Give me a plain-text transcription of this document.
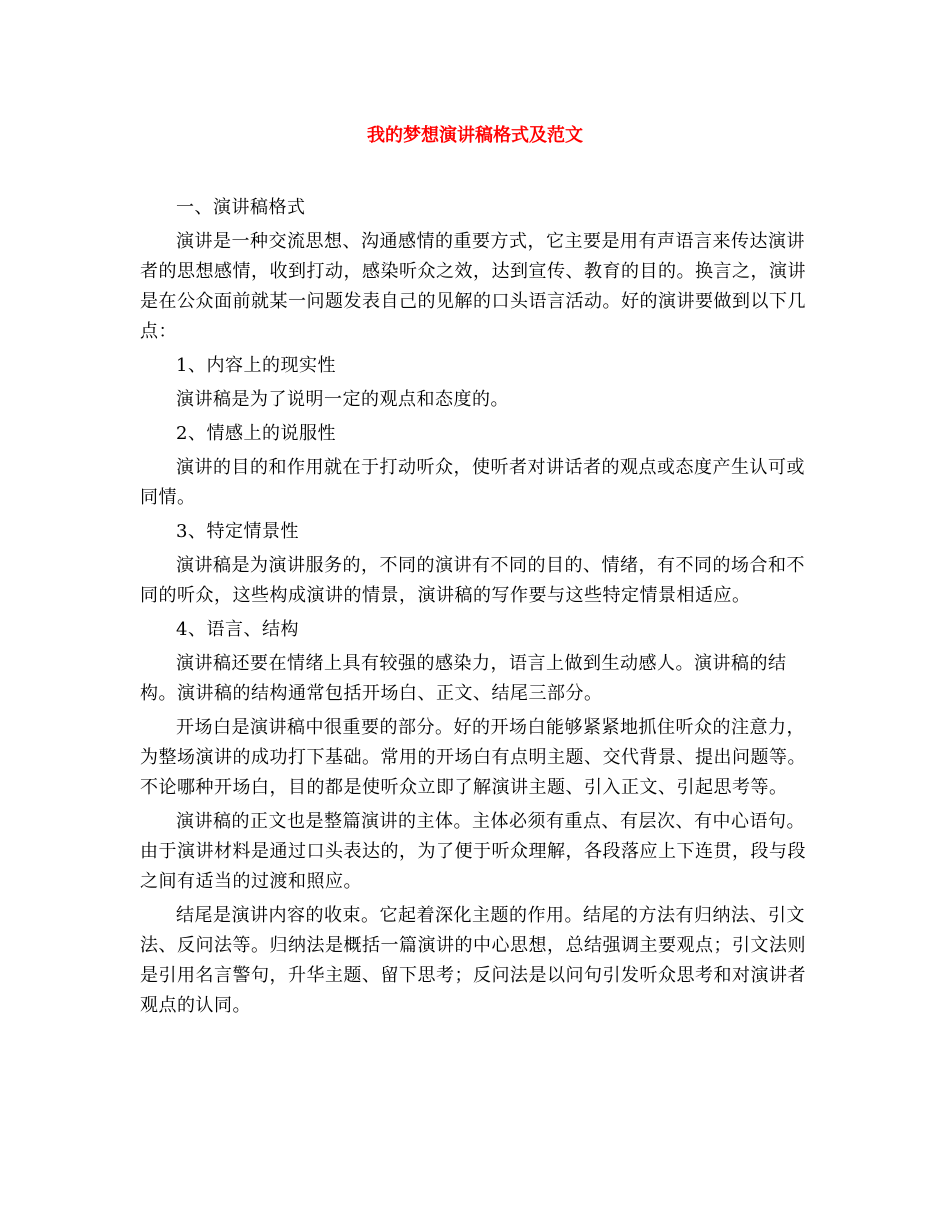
我的梦想演讲稿格式及范文

一、演讲稿格式

演讲是一种交流思想、沟通感情的重要方式，它主要是用有声语言来传达演讲者的思想感情，收到打动，感染听众之效，达到宣传、教育的目的。换言之，演讲是在公众面前就某一问题发表自己的见解的口头语言活动。好的演讲要做到以下几点：

1、内容上的现实性

演讲稿是为了说明一定的观点和态度的。

2、情感上的说服性

演讲的目的和作用就在于打动听众，使听者对讲话者的观点或态度产生认可或同情。

3、特定情景性

演讲稿是为演讲服务的，不同的演讲有不同的目的、情绪，有不同的场合和不同的听众，这些构成演讲的情景，演讲稿的写作要与这些特定情景相适应。

4、语言、结构

演讲稿还要在情绪上具有较强的感染力，语言上做到生动感人。演讲稿的结构。演讲稿的结构通常包括开场白、正文、结尾三部分。

开场白是演讲稿中很重要的部分。好的开场白能够紧紧地抓住听众的注意力，为整场演讲的成功打下基础。常用的开场白有点明主题、交代背景、提出问题等。不论哪种开场白，目的都是使听众立即了解演讲主题、引入正文、引起思考等。

演讲稿的正文也是整篇演讲的主体。主体必须有重点、有层次、有中心语句。由于演讲材料是通过口头表达的，为了便于听众理解，各段落应上下连贯，段与段之间有适当的过渡和照应。

结尾是演讲内容的收束。它起着深化主题的作用。结尾的方法有归纳法、引文法、反问法等。归纳法是概括一篇演讲的中心思想，总结强调主要观点；引文法则是引用名言警句，升华主题、留下思考；反问法是以问句引发听众思考和对演讲者观点的认同。
